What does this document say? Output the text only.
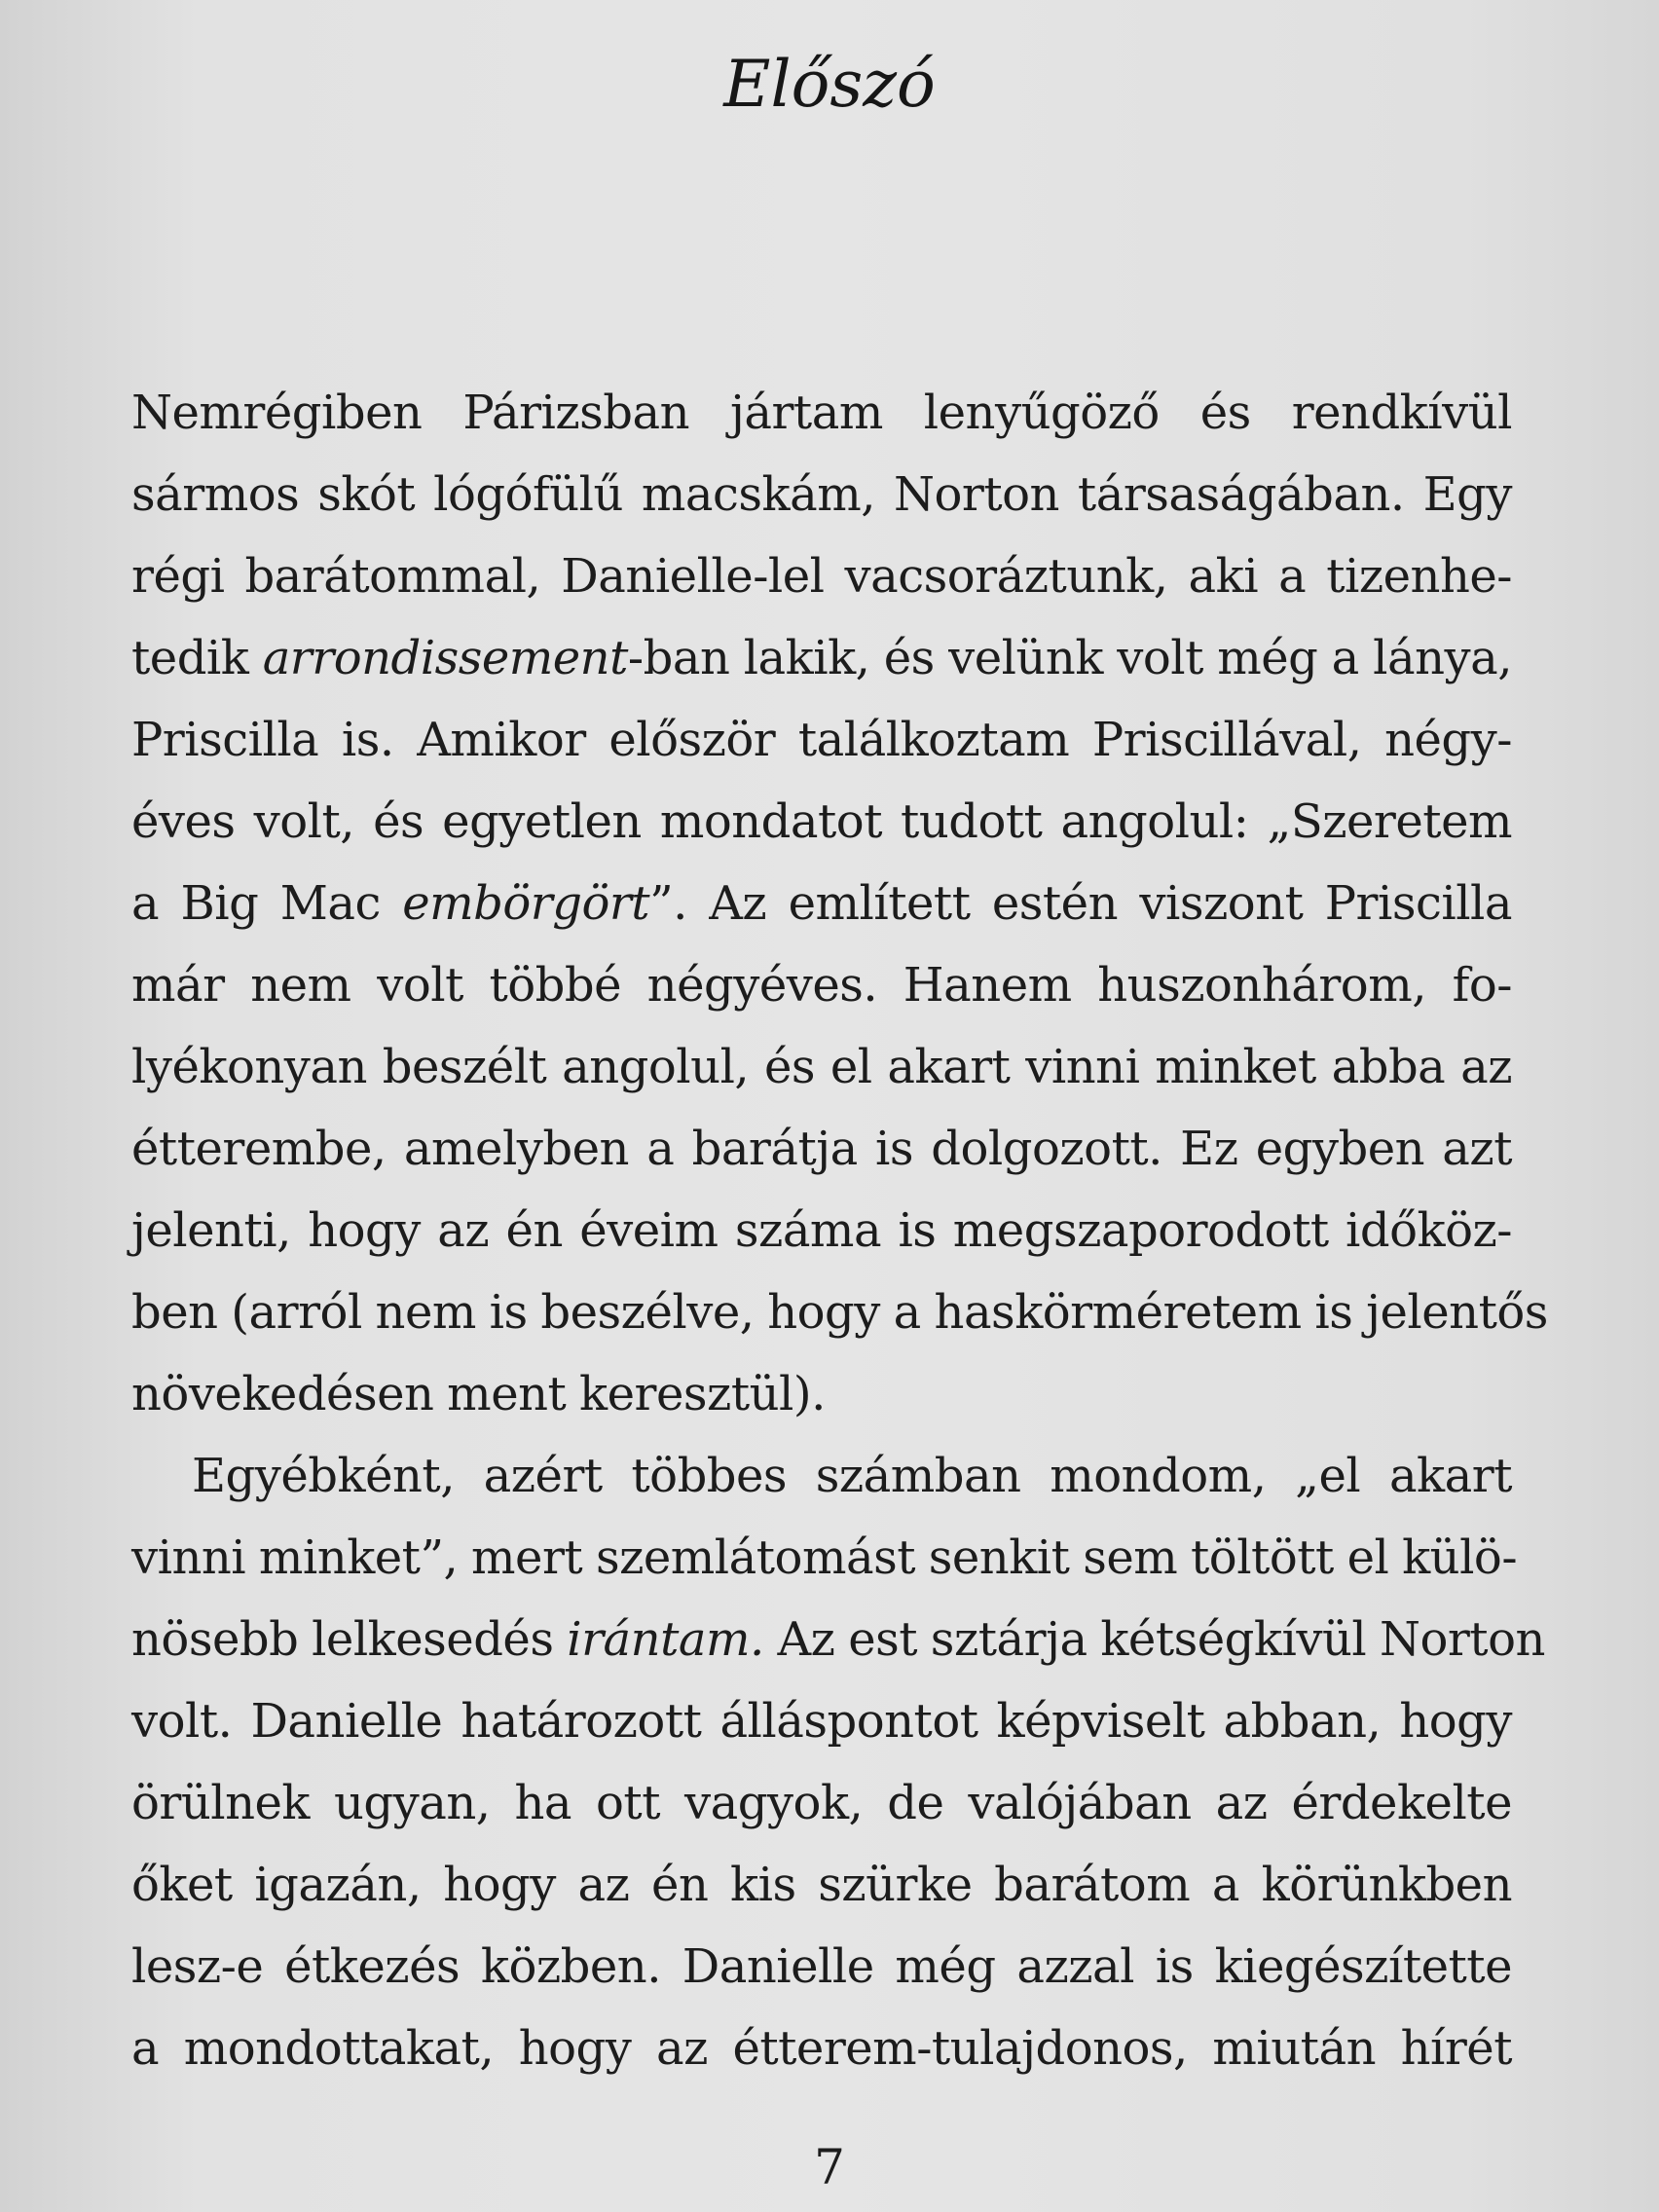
Előszó
Nemrégiben Párizsban jártam lenyűgöző és rendkívül
sármos skót lógófülű macskám, Norton társaságában. Egy
régi barátommal, Danielle-lel vacsoráztunk, aki a tizenhe-
tedik arrondissement-ban lakik, és velünk volt még a lánya,
Priscilla is. Amikor először találkoztam Priscillával, négy-
éves volt, és egyetlen mondatot tudott angolul: „Szeretem
a Big Mac embörgört”. Az említett estén viszont Priscilla
már nem volt többé négyéves. Hanem huszonhárom, fo-
lyékonyan beszélt angolul, és el akart vinni minket abba az
étterembe, amelyben a barátja is dolgozott. Ez egyben azt
jelenti, hogy az én éveim száma is megszaporodott időköz-
ben (arról nem is beszélve, hogy a haskörméretem is jelentős
növekedésen ment keresztül).
Egyébként, azért többes számban mondom, „el akart
vinni minket”, mert szemlátomást senkit sem töltött el külö-
nösebb lelkesedés irántam. Az est sztárja kétségkívül Norton
volt. Danielle határozott álláspontot képviselt abban, hogy
örülnek ugyan, ha ott vagyok, de valójában az érdekelte
őket igazán, hogy az én kis szürke barátom a körünkben
lesz-e étkezés közben. Danielle még azzal is kiegészítette
a mondottakat, hogy az étterem-tulajdonos, miután hírét
7
